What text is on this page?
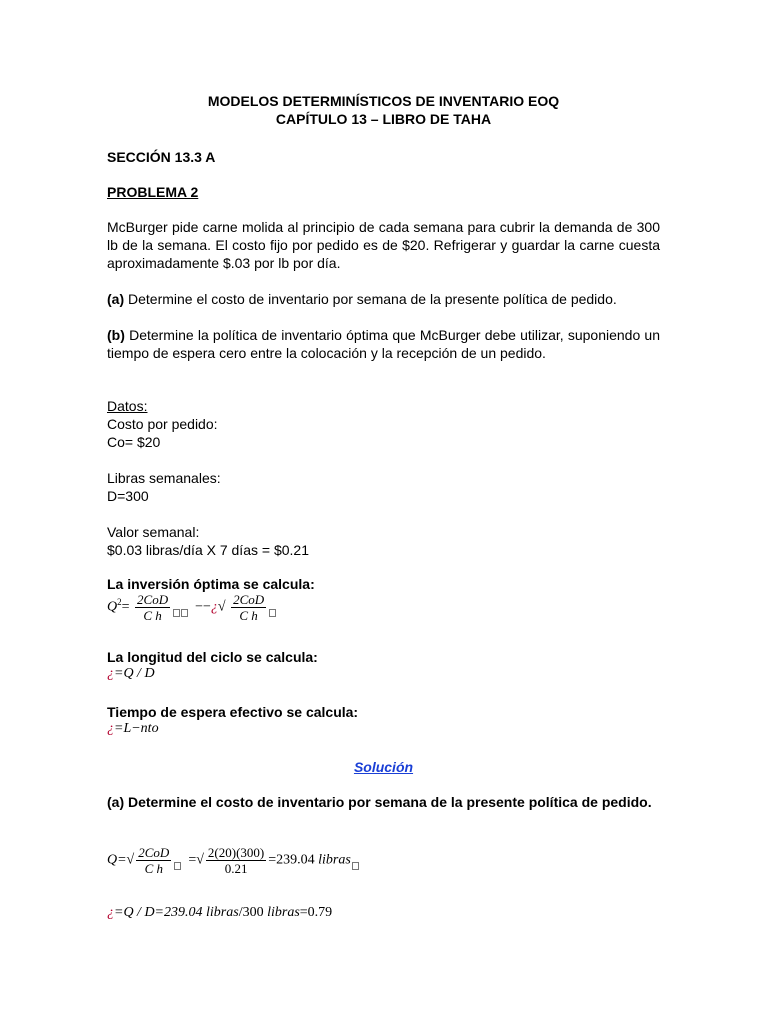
MODELOS DETERMINÍSTICOS DE INVENTARIO EOQ
CAPÍTULO 13 – LIBRO DE TAHA
SECCIÓN 13.3 A
PROBLEMA 2
McBurger pide carne molida al principio de cada semana para cubrir la demanda de 300 lb de la semana. El costo fijo por pedido es de $20. Refrigerar y guardar la carne cuesta aproximadamente $.03 por lb por día.
(a) Determine el costo de inventario por semana de la presente política de pedido.
(b) Determine la política de inventario óptima que McBurger debe utilizar, suponiendo un tiempo de espera cero entre la colocación y la recepción de un pedido.
Datos:
Costo por pedido:
Co= $20
Libras semanales:
D=300
Valor semanal:
$0.03 libras/día X 7 días = $0.21
La inversión óptima se calcula:
$Q^2= \frac{\text{2CoD}}{\text{C h}}$ −−¿√ $\frac{\text{2CoD}}{\text{C h}}$
La longitud del ciclo se calcula:
¿=Q / D
Tiempo de espera efectivo se calcula:
¿=L−nto
Solución
(a) Determine el costo de inventario por semana de la presente política de pedido.
$Q=√ \frac{\text{2CoD}}{\text{C h}}$ =√ $\frac{2(20)(300)}{0.21} =239.04$ libras
¿=Q / D=239.04 libras/300 libras=0.79
